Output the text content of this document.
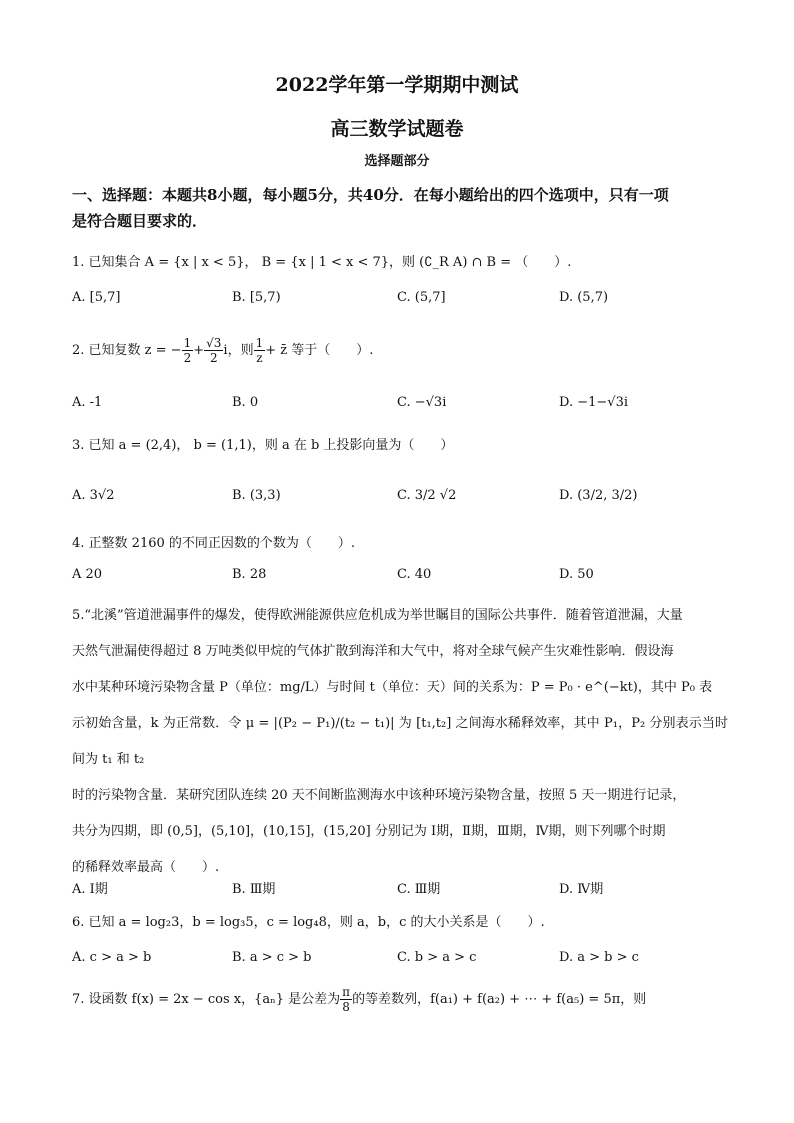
2022学年第一学期期中测试
高三数学试题卷
选择题部分
一、选择题：本题共8小题，每小题5分，共40分．在每小题给出的四个选项中，只有一项
是符合题目要求的．
1. 已知集合 A = {x | x < 5}， B = {x | 1 < x < 7}，则 (∁_R A) ∩ B = （　　）.
A. [5,7]	B. [5,7)	C. (5,7]	D. (5,7)
2. 已知复数 z = − $\frac{1}{2} + \frac{√3}{2}$ i，则 $\frac{1}{z}$ + z̄ 等于（　　）.
A. -1	B. 0	C. −√3i	D. −1−√3i
3. 已知 a = (2,4)， b = (1,1)，则 a 在 b 上投影向量为（　　）
A. 3√2	B. (3,3)	C. 3/2 √2	D. (3/2, 3/2)
4. 正整数 2160 的不同正因数的个数为（　　）.
A 20	B. 28	C. 40	D. 50
5.“北溪”管道泄漏事件的爆发，使得欧洲能源供应危机成为举世瞩目的国际公共事件．随着管道泄漏，大量
天然气泄漏使得超过 8 万吨类似甲烷的气体扩散到海洋和大气中，将对全球气候产生灾难性影响．假设海
水中某种环境污染物含量 P（单位：mg/L）与时间 t（单位：天）间的关系为：P = P₀ · e^(−kt)，其中 P₀ 表
示初始含量，k 为正常数．令 μ = |(P₂ − P₁)/(t₂ − t₁)| 为 [t₁,t₂] 之间海水稀释效率，其中 P₁，P₂ 分别表示当时间为 t₁ 和 t₂
时的污染物含量．某研究团队连续 20 天不间断监测海水中该种环境污染物含量，按照 5 天一期进行记录，
共分为四期，即 (0,5]，(5,10]，(10,15]，(15,20] 分别记为 Ⅰ期，Ⅱ期，Ⅲ期，Ⅳ期，则下列哪个时期
的稀释效率最高（　　）.
A. Ⅰ期	B. Ⅲ期	C. Ⅲ期	D. Ⅳ期
6. 已知 a = log₂3，b = log₃5，c = log₄8，则 a，b，c 的大小关系是（　　）.
A. c > a > b	B. a > c > b	C. b > a > c	D. a > b > c
7. 设函数 f(x) = 2x − cos x，{aₙ} 是公差为 $\frac{\pi}{8}$ 的等差数列，f(a₁) + f(a₂) + ⋯ + f(a₅) = 5π，则
